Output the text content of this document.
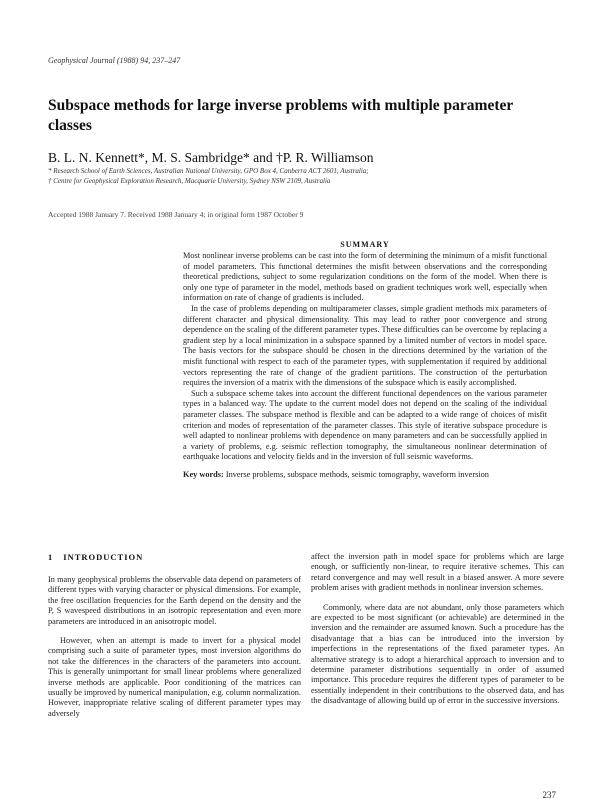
Geophysical Journal (1988) 94, 237–247
Subspace methods for large inverse problems with multiple parameter classes
B. L. N. Kennett*, M. S. Sambridge* and †P. R. Williamson
* Research School of Earth Sciences, Australian National University, GPO Box 4, Canberra ACT 2601, Australia;
† Centre for Geophysical Exploration Research, Macquarie University, Sydney NSW 2109, Australia
Accepted 1988 January 7. Received 1988 January 4; in original form 1987 October 9
SUMMARY

Most nonlinear inverse problems can be cast into the form of determining the minimum of a misfit functional of model parameters. This functional determines the misfit between observations and the corresponding theoretical predictions, subject to some regularization conditions on the form of the model. When there is only one type of parameter in the model, methods based on gradient techniques work well, especially when information on rate of change of gradients is included.

In the case of problems depending on multiparameter classes, simple gradient methods mix parameters of different character and physical dimensionality. This may lead to rather poor convergence and strong dependence on the scaling of the different parameter types. These difficulties can be overcome by replacing a gradient step by a local minimization in a subspace spanned by a limited number of vectors in model space. The basis vectors for the subspace should be chosen in the directions determined by the variation of the misfit functional with respect to each of the parameter types, with supplementation if required by additional vectors representing the rate of change of the gradient partitions. The construction of the perturbation requires the inversion of a matrix with the dimensions of the subspace which is easily accomplished.

Such a subspace scheme takes into account the different functional dependences on the various parameter types in a balanced way. The update to the current model does not depend on the scaling of the individual parameter classes. The subspace method is flexible and can be adapted to a wide range of choices of misfit criterion and modes of representation of the parameter classes. This style of iterative subspace procedure is well adapted to nonlinear problems with dependence on many parameters and can be successfully applied in a variety of problems, e.g. seismic reflection tomography, the simultaneous nonlinear determination of earthquake locations and velocity fields and in the inversion of full seismic waveforms.

Key words: Inverse problems, subspace methods, seismic tomography, waveform inversion
1 INTRODUCTION

In many geophysical problems the observable data depend on parameters of different types with varying character or physical dimensions. For example, the free oscillation frequencies for the Earth depend on the density and the P, S wavespeed distributions in an isotropic representation and even more parameters are introduced in an anisotropic model.

However, when an attempt is made to invert for a physical model comprising such a suite of parameter types, most inversion algorithms do not take the differences in the characters of the parameters into account. This is generally unimportant for small linear problems where generalized inverse methods are applicable. Poor conditioning of the matrices can usually be improved by numerical manipulation, e.g. column normalization. However, inappropriate relative scaling of different parameter types may adversely

affect the inversion path in model space for problems which are large enough, or sufficiently non-linear, to require iterative schemes. This can retard convergence and may well result in a biased answer. A more severe problem arises with gradient methods in nonlinear inversion schemes.

Commonly, where data are not abundant, only those parameters which are expected to be most significant (or achievable) are determined in the inversion and the remainder are assumed known. Such a procedure has the disadvantage that a bias can be introduced into the inversion by imperfections in the representations of the fixed parameter types. An alternative strategy is to adopt a hierarchical approach to inversion and to determine parameter distributions sequentially in order of assumed importance. This procedure requires the different types of parameter to be essentially independent in their contributions to the observed data, and has the disadvantage of allowing build up of error in the successive inversions.

237
